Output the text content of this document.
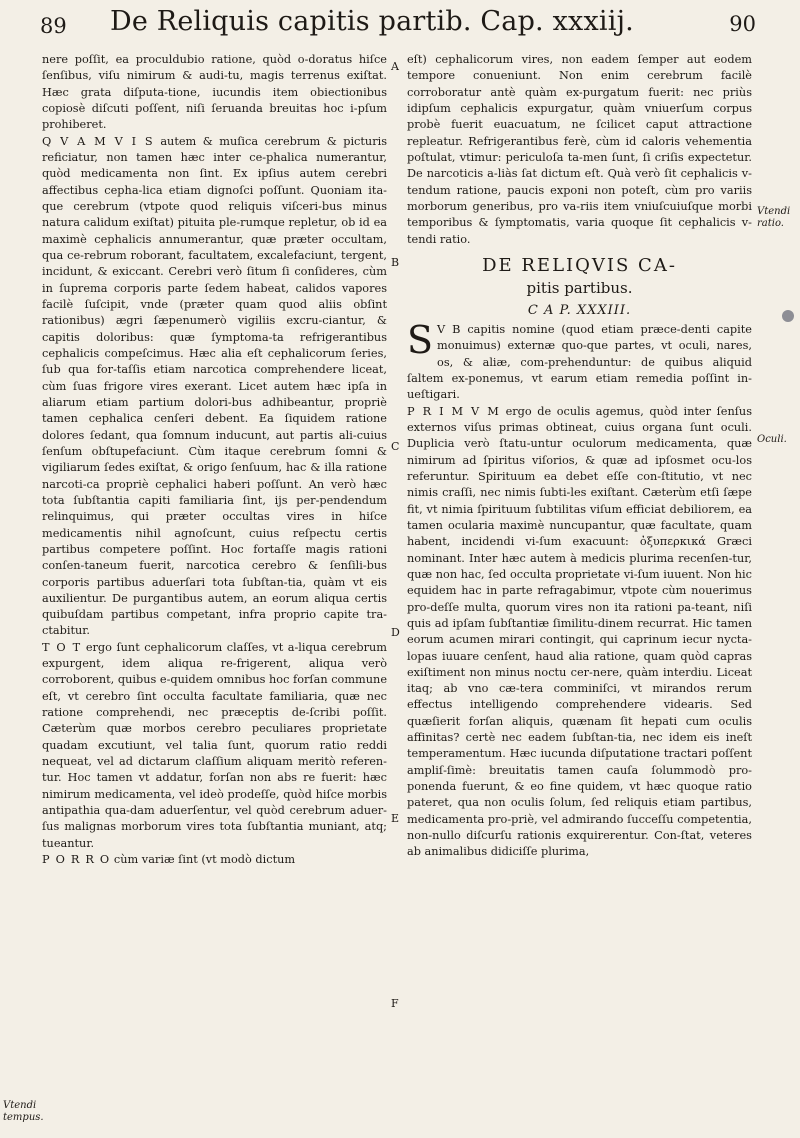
89 De Reliquis capitis partib. Cap. xxxiij.	90

nere poſſit, ea proculdubio ratione, quòd o-doratus hiſce ſenſibus, viſu nimirum & audi-tu, magis terrenus exiſtat. Hæc grata diſputa-tione, iucundis item obiectionibus copiosè diſcuti poſſent, niſi ſeruanda breuitas hoc i-pſum prohiberet.

Q V A M V I S autem & muſica cerebrum & picturis reficiatur, non tamen hæc inter ce-phalica numerantur, quòd medicamenta non ſint. Ex ipſius autem cerebri affectibus cepha-lica etiam dignoſci poſſunt. Quoniam ita-que cerebrum (vtpote quod reliquis viſceri-bus minus natura calidum exiſtat) pituita ple-rumque repletur, ob id ea maximè cephalicis annumerantur, quæ præter occultam, qua ce-rebrum roborant, facultatem, excalefaciunt, tergent, incidunt, & exiccant. Cerebri verò ſitum ſi conſideres, cùm in ſuprema corporis parte ſedem habeat, calidos vapores facilè ſuſcipit, vnde (præter quam quod aliis obſint rationibus) ægri ſæpenumerò vigiliis excru-ciantur, & capitis doloribus: quæ ſymptoma-ta refrigerantibus cephalicis compeſcimus. Hæc alia eſt cephalicorum ſeries, ſub qua for-taſſis etiam narcotica comprehendere liceat, cùm ſuas frigore vires exerant. Licet autem hæc ipſa in aliarum etiam partium dolori-bus adhibeantur, propriè tamen cephalica cenſeri debent. Ea ſiquidem ratione dolores ſedant, qua ſomnum inducunt, aut partis ali-cuius ſenſum obſtupefaciunt. Cùm itaque cerebrum ſomni & vigiliarum ſedes exiſtat, & origo ſenſuum, hac & illa ratione narcoti-ca propriè cephalici haberi poſſunt. An verò hæc tota ſubſtantia capiti familiaria ſint, ijs per-pendendum relinquimus, qui præter occultas vires in hiſce medicamentis nihil agnoſcunt, cuius reſpectu certis partibus competere poſſint. Hoc fortaſſe magis rationi conſen-taneum fuerit, narcotica cerebro & ſenſili-bus corporis partibus aduerſari tota ſubſtan-tia, quàm vt eis auxilientur. De purgantibus autem, an eorum aliqua certis quibuſdam partibus competant, infra proprio capite tra-ctabitur.

T O T ergo ſunt cephalicorum claſſes, vt a-liqua cerebrum expurgent, idem aliqua re-frigerent, aliqua verò corroborent, quibus e-quidem omnibus hoc forſan commune eſt, vt cerebro ſint occulta facultate familiaria, quæ nec ratione comprehendi, nec præceptis de-ſcribi poſſit. Cæterùm quæ morbos cerebro peculiares proprietate quadam excutiunt, vel talia ſunt, quorum ratio reddi nequeat, vel ad dictarum claſſium aliquam meritò referen-tur. Hoc tamen vt addatur, forſan non abs re fuerit: hæc nimirum medicamenta, vel ideò prodeſſe, quòd hiſce morbis antipathia qua-dam aduerſentur, vel quòd cerebrum aduer-ſus malignas morborum vires tota ſubſtantia muniant, atq; tueantur.

P O R R O cùm variæ ſint (vt modò dictum

eſt) cephalicorum vires, non eadem ſemper aut eodem tempore conueniunt. Non enim cerebrum facilè corroboratur antè quàm ex-purgatum fuerit: nec priùs idipſum cephalicis expurgatur, quàm vniuerſum corpus probè fuerit euacuatum, ne ſcilicet caput attractione repleatur. Refrigerantibus ferè, cùm id caloris vehementia poſtulat, vtimur: periculoſa ta-men ſunt, ſi criſis expectetur. De narcoticis a-liàs ſat dictum eſt. Quà verò ſit cephalicis v-tendum ratione, paucis exponi non poteſt, cùm pro variis morborum generibus, pro va-riis item vniuſcuiuſque morbi temporibus & ſymptomatis, varia quoque ſit cephalicis v-tendi ratio.

DE RELIQVIS CA-
pitis partibus.
C A P. XXXIII.

S V B capitis nomine (quod etiam præce-denti capite monuimus) externæ quo-que partes, vt oculi, nares, os, & aliæ, com-prehenduntur: de quibus aliquid ſaltem ex-ponemus, vt earum etiam remedia poſſint in-ueſtigari.

P R I M V M ergo de oculis agemus, quòd inter ſenſus externos viſus primas obtineat, cuius organa ſunt oculi. Duplicia verò ſtatu-untur oculorum medicamenta, quæ nimirum ad ſpiritus viſorios, & quæ ad ipſosmet ocu-los referuntur. Spirituum ea debet eſſe con-ſtitutio, vt nec nimis craſſi, nec nimis ſubti-les exiſtant. Cæterùm etſi ſæpe fit, vt nimia ſpirituum ſubtilitas viſum efficiat debiliorem, ea tamen ocularia maximè nuncupantur, quæ facultate, quam habent, incidendi vi-ſum exacuunt: ὀξυπερκικά Græci nominant. Inter hæc autem à medicis plurima recenſen-tur, quæ non hac, ſed occulta proprietate vi-ſum iuuent. Non hic equidem hac in parte refragabimur, vtpote cùm nouerimus pro-deſſe multa, quorum vires non ita rationi pa-teant, niſi quis ad ipſam ſubſtantiæ ſimilitu-dinem recurrat. Hic tamen eorum acumen mirari contingit, qui caprinum iecur nycta-lopas iuuare cenſent, haud alia ratione, quam quòd capras exiſtiment non minus noctu cer-nere, quàm interdiu. Liceat itaq; ab vno cæ-tera comminiſci, vt mirandos rerum effectus intelligendo comprehendere videaris. Sed quæſierit forſan aliquis, quænam ſit hepati cum oculis affinitas? certè nec eadem ſubſtan-tia, nec idem eis ineſt temperamentum. Hæc iucunda diſputatione tractari poſſent ampliſ-ſimè: breuitatis tamen cauſa ſolummodò pro-ponenda fuerunt, & eo fine quidem, vt hæc quoque ratio pateret, qua non oculis ſolum, ſed reliquis etiam partibus, medicamenta pro-priè, vel admirando ſucceſſu competentia, non-nullo diſcurſu rationis exquirerentur. Con-ſtat, veteres ab animalibus didiciſſe plurima,

Vtendi tempus.
Vtendi ratio.
Oculi.
A
B
C
D
E
F
